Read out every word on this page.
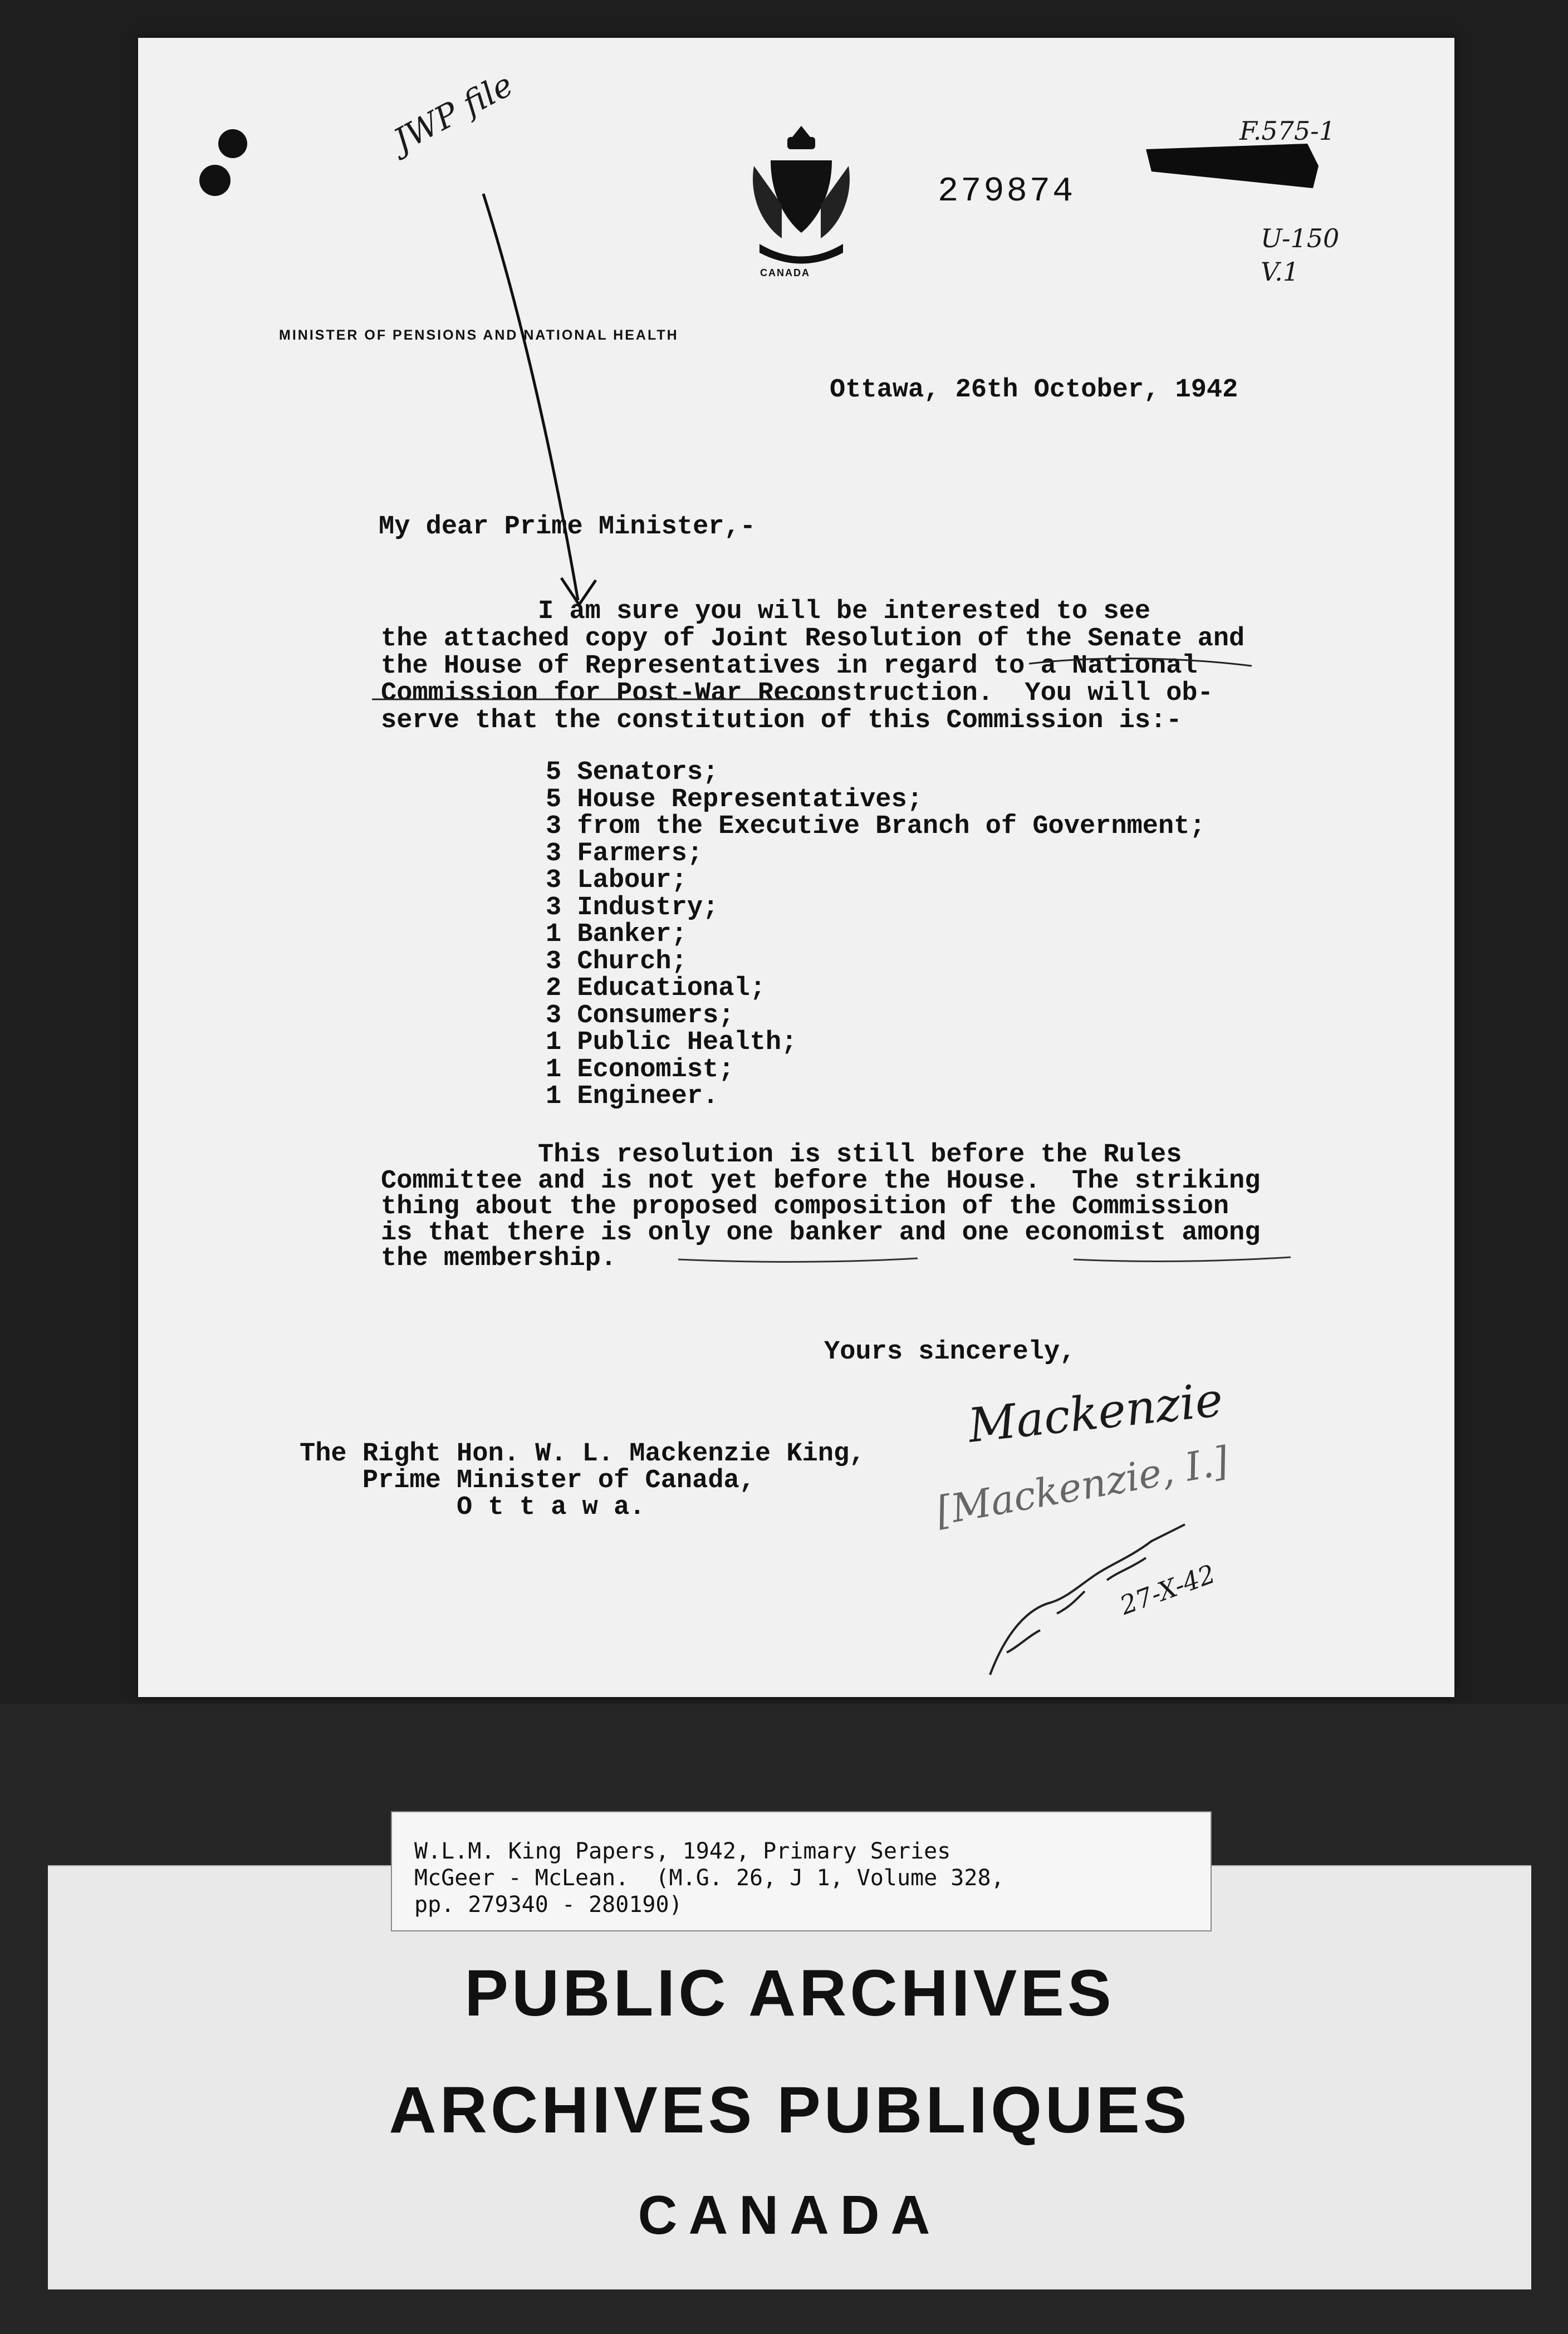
JWP file
CANADA
279874
F.575-1
U-150
V.1
MINISTER OF PENSIONS AND NATIONAL HEALTH
Ottawa, 26th October, 1942
My dear Prime Minister,-
I am sure you will be interested to see
the attached copy of Joint Resolution of the Senate and
the House of Representatives in regard to a National
Commission for Post-War Reconstruction.  You will ob-
serve that the constitution of this Commission is:-
5 Senators;
5 House Representatives;
3 from the Executive Branch of Government;
3 Farmers;
3 Labour;
3 Industry;
1 Banker;
3 Church;
2 Educational;
3 Consumers;
1 Public Health;
1 Economist;
1 Engineer.
This resolution is still before the Rules
Committee and is not yet before the House.  The striking
thing about the proposed composition of the Commission
is that there is only one banker and one economist among
the membership.
Yours sincerely,
The Right Hon. W. L. Mackenzie King,
Prime Minister of Canada,
O t t a w a.
Mackenzie
[Mackenzie, I.]
27-X-42
PUBLIC ARCHIVES
ARCHIVES PUBLIQUES
CANADA
W.L.M. King Papers, 1942, Primary Series
McGeer - McLean.  (M.G. 26, J 1, Volume 328,
pp. 279340 - 280190)
